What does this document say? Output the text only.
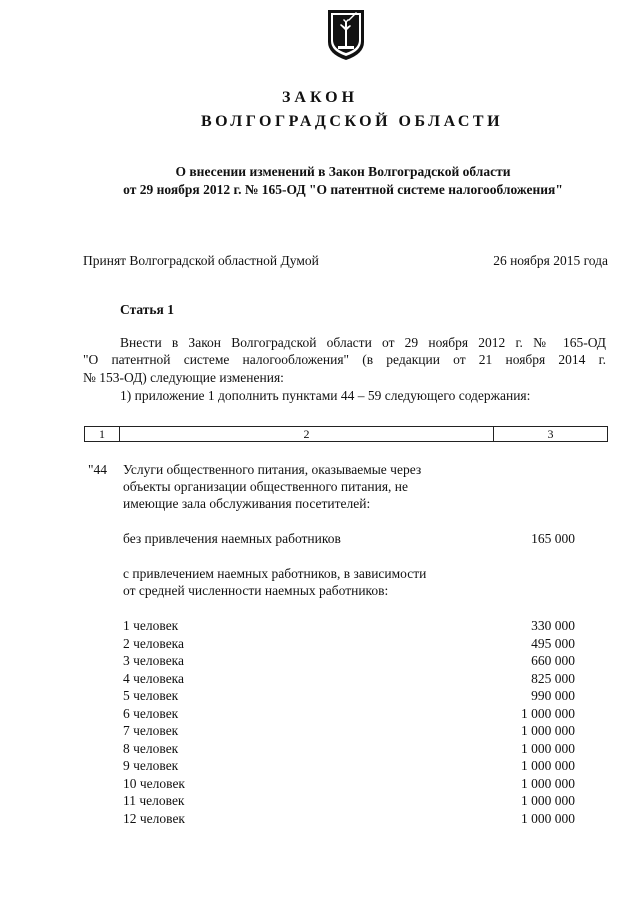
ЗАКОН
ВОЛГОГРАДСКОЙ ОБЛАСТИ
О внесении изменений в Закон Волгоградской области
от 29 ноября 2012 г. № 165-ОД "О патентной системе налогообложения"
Принят Волгоградской областной Думой	26 ноября 2015 года
Статья 1
Внести в Закон Волгоградской области от 29 ноября 2012 г. № 165-ОД
"О патентной системе налогообложения" (в редакции от 21 ноября 2014 г.
№ 153-ОД) следующие изменения:
1) приложение 1 дополнить пунктами 44 – 59 следующего содержания:
1	2	3
"44 Услуги общественного питания, оказываемые через
объекты организации общественного питания, не
имеющие зала обслуживания посетителей:
без привлечения наемных работников	165 000
с привлечением наемных работников, в зависимости
от средней численности наемных работников:
1 человек	330 000
2 человека	495 000
3 человека	660 000
4 человека	825 000
5 человек	990 000
6 человек	1 000 000
7 человек	1 000 000
8 человек	1 000 000
9 человек	1 000 000
10 человек	1 000 000
11 человек	1 000 000
12 человек	1 000 000
